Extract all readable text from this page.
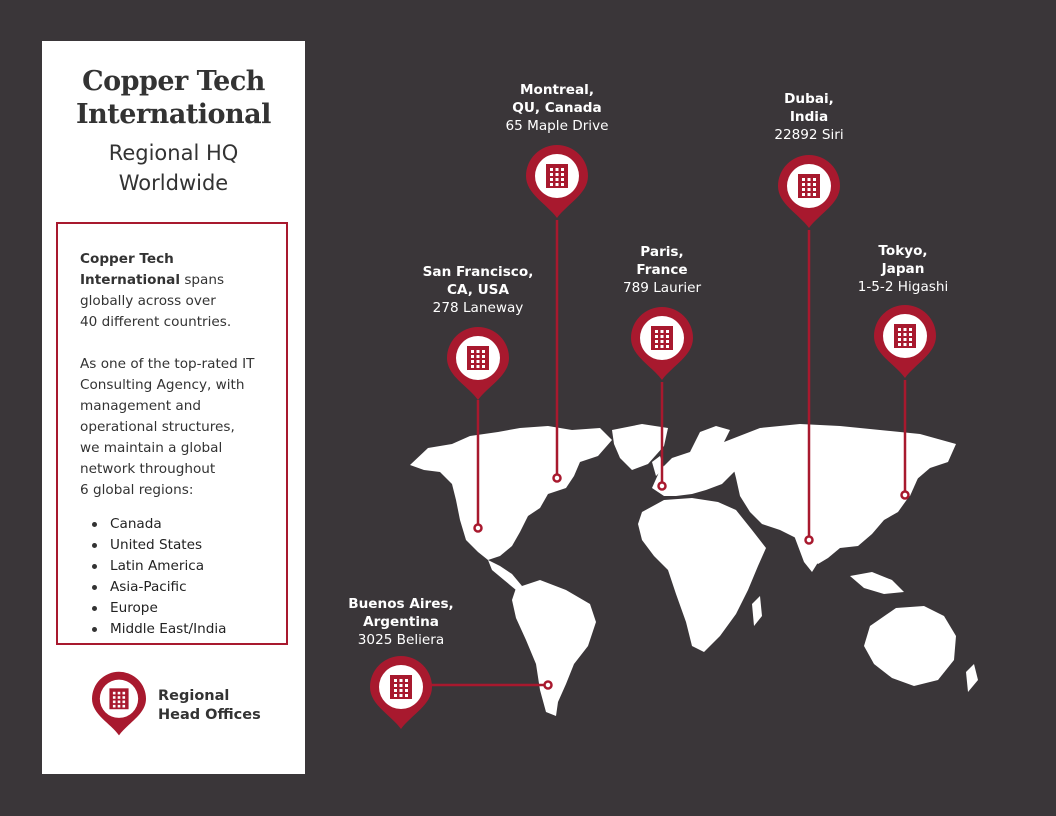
San Francisco,
CA, USA
278 Laneway
Montreal,
QU, Canada
65 Maple Drive
Paris,
France
789 Laurier
Dubai,
India
22892 Siri
Tokyo,
Japan
1-5-2 Higashi
Buenos Aires,
Argentina
3025 Beliera
Copper Tech
International
Regional HQ
Worldwide

Copper Tech
International spans
globally across over
40 different countries.

As one of the top-rated IT
Consulting Agency, with
management and
operational structures,
we maintain a global
network throughout
6 global regions:

Canada
United States
Latin America
Asia-Pacific
Europe
Middle East/India
Regional
Head Offices
